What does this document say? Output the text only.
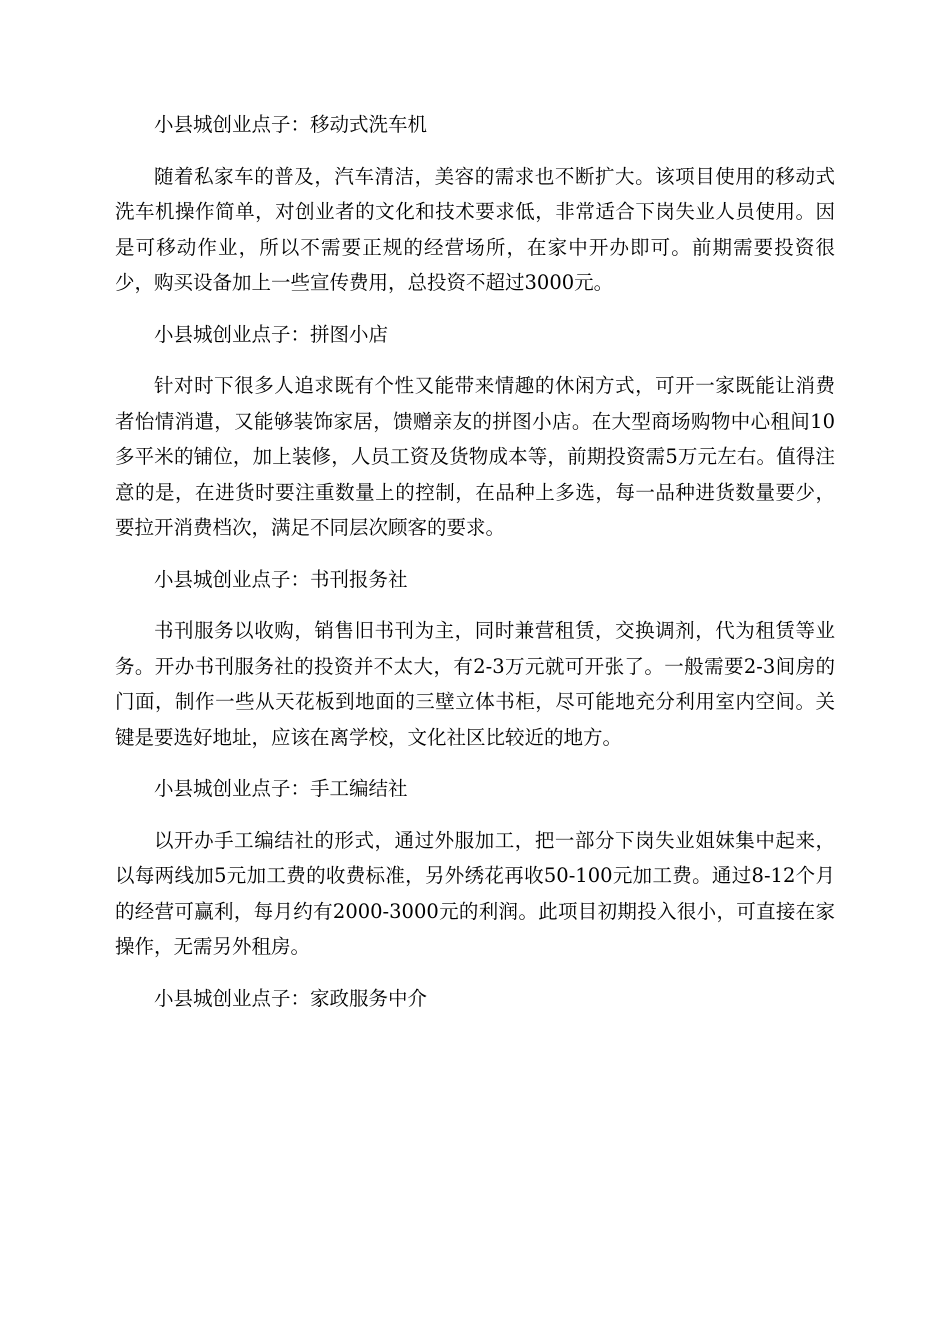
小县城创业点子：移动式洗车机

随着私家车的普及，汽车清洁，美容的需求也不断扩大。该项目使用的移动式洗车机操作简单，对创业者的文化和技术要求低，非常适合下岗失业人员使用。因是可移动作业，所以不需要正规的经营场所，在家中开办即可。前期需要投资很少，购买设备加上一些宣传费用，总投资不超过3000元。

小县城创业点子：拼图小店

针对时下很多人追求既有个性又能带来情趣的休闲方式，可开一家既能让消费者怡情消遣，又能够装饰家居，馈赠亲友的拼图小店。在大型商场购物中心租间10多平米的铺位，加上装修，人员工资及货物成本等，前期投资需5万元左右。值得注意的是，在进货时要注重数量上的控制，在品种上多选，每一品种进货数量要少，要拉开消费档次，满足不同层次顾客的要求。

小县城创业点子：书刊报务社

书刊服务以收购，销售旧书刊为主，同时兼营租赁，交换调剂，代为租赁等业务。开办书刊服务社的投资并不太大，有2-3万元就可开张了。一般需要2-3间房的门面，制作一些从天花板到地面的三壁立体书柜，尽可能地充分利用室内空间。关键是要选好地址，应该在离学校，文化社区比较近的地方。

小县城创业点子：手工编结社

以开办手工编结社的形式，通过外服加工，把一部分下岗失业姐妹集中起来，以每两线加5元加工费的收费标准，另外绣花再收50-100元加工费。通过8-12个月的经营可赢利，每月约有2000-3000元的利润。此项目初期投入很小，可直接在家操作，无需另外租房。

小县城创业点子：家政服务中介
